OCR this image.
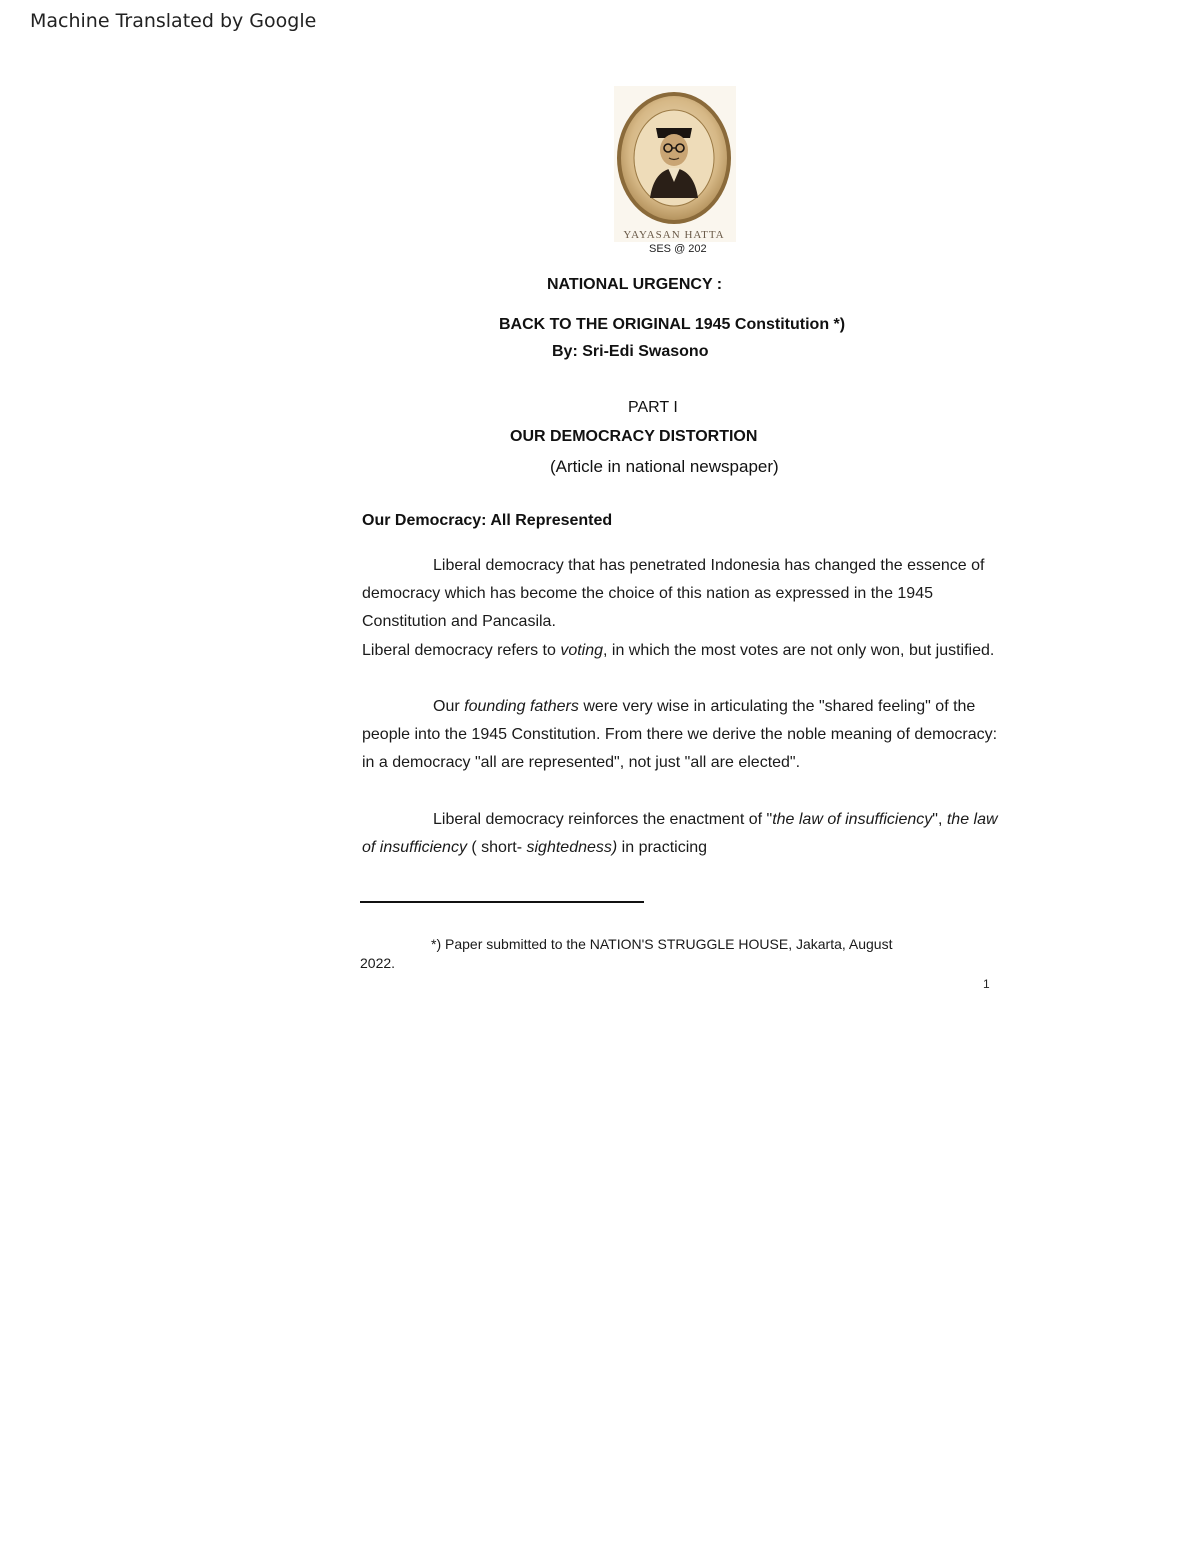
Machine Translated by Google
YAYASAN HATTA
SES @ 202
NATIONAL URGENCY :
BACK TO THE ORIGINAL 1945 Constitution *)
By: Sri-Edi Swasono
PART I
OUR DEMOCRACY DISTORTION
(Article in national newspaper)
Our Democracy: All Represented
Liberal democracy that has penetrated Indonesia has changed the essence of democracy which has become the choice of this nation as expressed in the 1945 Constitution and Pancasila.
Liberal democracy refers to voting, in which the most votes are not only won, but justified.
Our founding fathers were very wise in articulating the "shared feeling" of the people into the 1945 Constitution. From there we derive the noble meaning of democracy: in a democracy "all are represented", not just "all are elected".
Liberal democracy reinforces the enactment of "the law of insufficiency", the law of insufficiency ( short- sightedness) in practicing
*) Paper submitted to the NATION'S STRUGGLE HOUSE, Jakarta, August
2022.
1
